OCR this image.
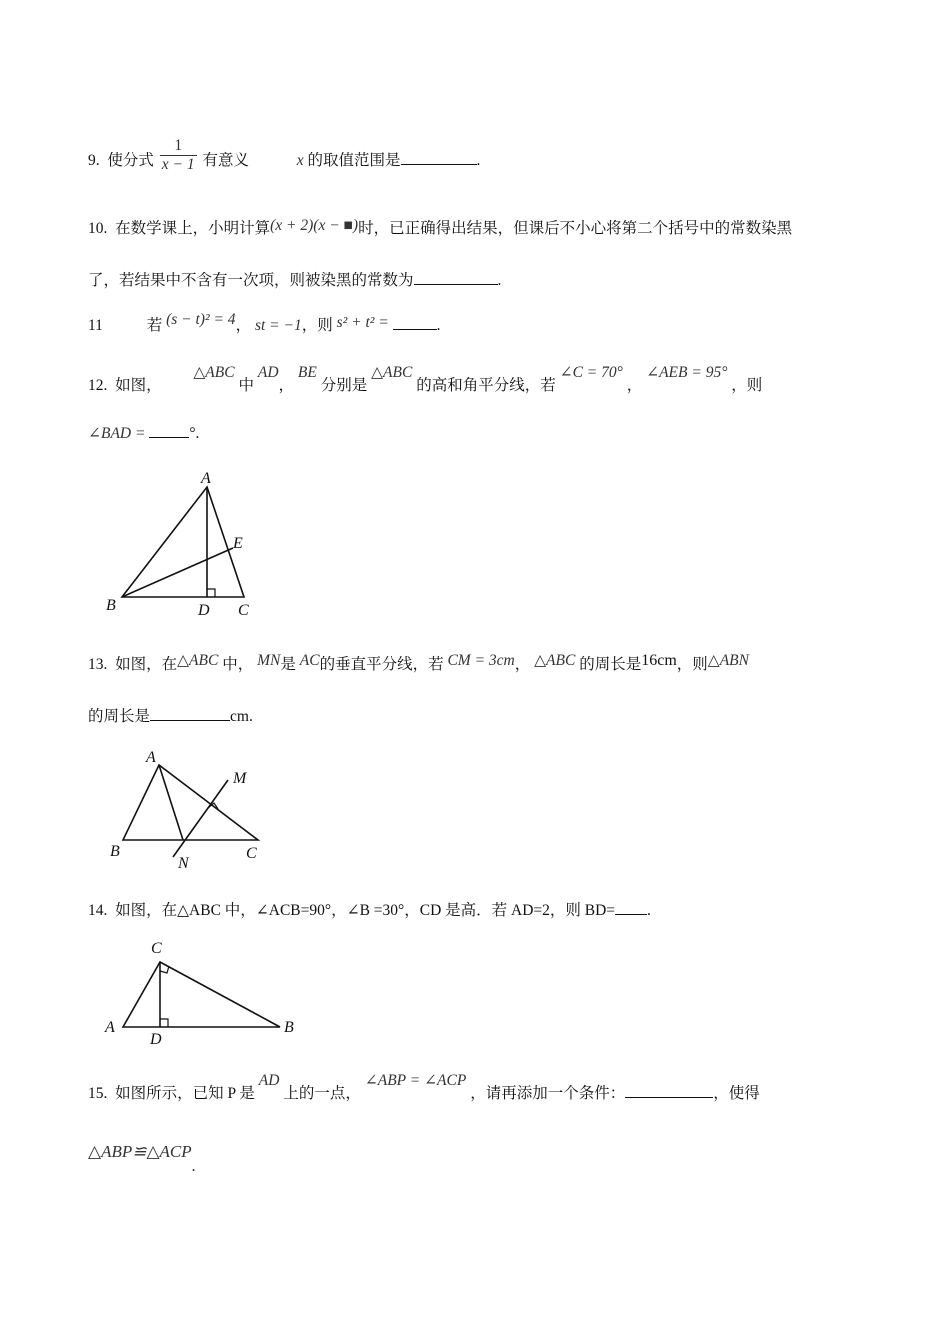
9. 使分式 $\frac{1}{x - 1}$ 有意义	x 的取值范围是	.
10. 在数学课上，小明计算(x + 2)(x − ■)时，已正确得出结果，但课后不小心将第二个括号中的常数染黑
了，若结果中不含有一次项，则被染黑的常数为	.
11	若 (s − t)² = 4， st = −1，则 s² + t² =	.
12. 如图，  △ABC 中 AD， BE 分别是 △ABC 的高和角平分线，若 ∠C = 70° ， ∠AEB = 95° ，则
∠BAD =	°.
A
E
B	D C
13. 如图，在△ABC 中， MN是 AC的垂直平分线，若 CM = 3cm， △ABC 的周长是16cm，则△ABN
的周长是	cm.
A
M
B
N
C
14. 如图，在△ABC 中，∠ACB=90°，∠B =30°，CD 是高．若 AD=2，则 BD= .
C
A
D
B
15. 如图所示，已知 P 是 AD 上的一点， ∠ABP = ∠ACP ，请再添加一个条件：	，使得
△ABP≌△ACP.
